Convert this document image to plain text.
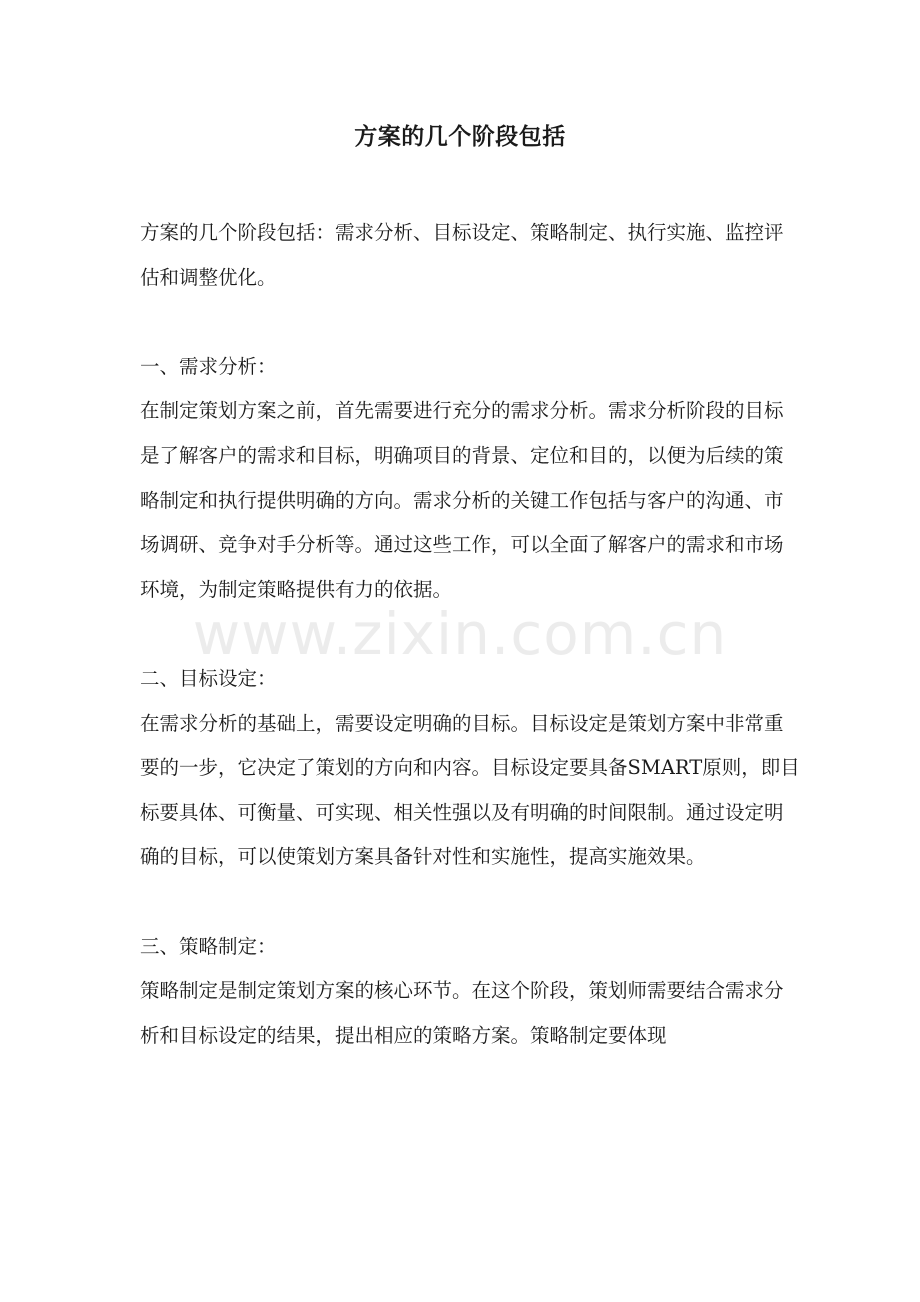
方案的几个阶段包括

方案的几个阶段包括：需求分析、目标设定、策略制定、执行实施、监控评估和调整优化。

一、需求分析：

在制定策划方案之前，首先需要进行充分的需求分析。需求分析阶段的目标是了解客户的需求和目标，明确项目的背景、定位和目的，以便为后续的策略制定和执行提供明确的方向。需求分析的关键工作包括与客户的沟通、市场调研、竞争对手分析等。通过这些工作，可以全面了解客户的需求和市场环境，为制定策略提供有力的依据。

二、目标设定：

在需求分析的基础上，需要设定明确的目标。目标设定是策划方案中非常重要的一步，它决定了策划的方向和内容。目标设定要具备SMART原则，即目标要具体、可衡量、可实现、相关性强以及有明确的时间限制。通过设定明确的目标，可以使策划方案具备针对性和实施性，提高实施效果。

三、策略制定：

策略制定是制定策划方案的核心环节。在这个阶段，策划师需要结合需求分析和目标设定的结果，提出相应的策略方案。策略制定要体现

www.zixin.com.cn
